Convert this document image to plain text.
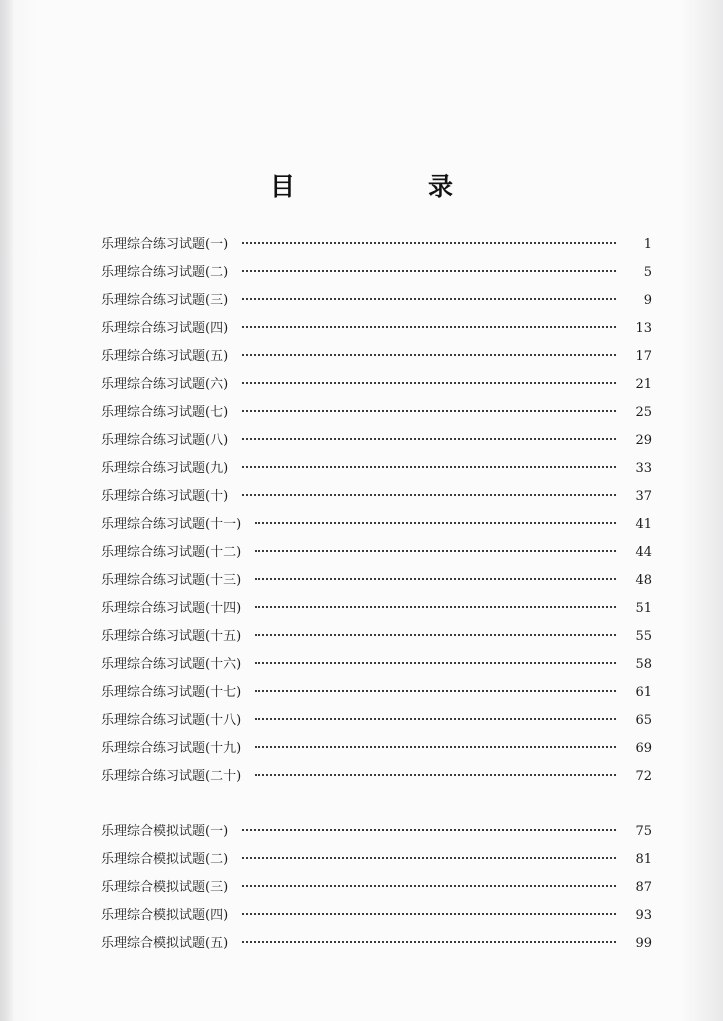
目　录
乐理综合练习试题(一)	1
乐理综合练习试题(二)	5
乐理综合练习试题(三)	9
乐理综合练习试题(四)	13
乐理综合练习试题(五)	17
乐理综合练习试题(六)	21
乐理综合练习试题(七)	25
乐理综合练习试题(八)	29
乐理综合练习试题(九)	33
乐理综合练习试题(十)	37
乐理综合练习试题(十一)	41
乐理综合练习试题(十二)	44
乐理综合练习试题(十三)	48
乐理综合练习试题(十四)	51
乐理综合练习试题(十五)	55
乐理综合练习试题(十六)	58
乐理综合练习试题(十七)	61
乐理综合练习试题(十八)	65
乐理综合练习试题(十九)	69
乐理综合练习试题(二十)	72
乐理综合模拟试题(一)	75
乐理综合模拟试题(二)	81
乐理综合模拟试题(三)	87
乐理综合模拟试题(四)	93
乐理综合模拟试题(五)	99
